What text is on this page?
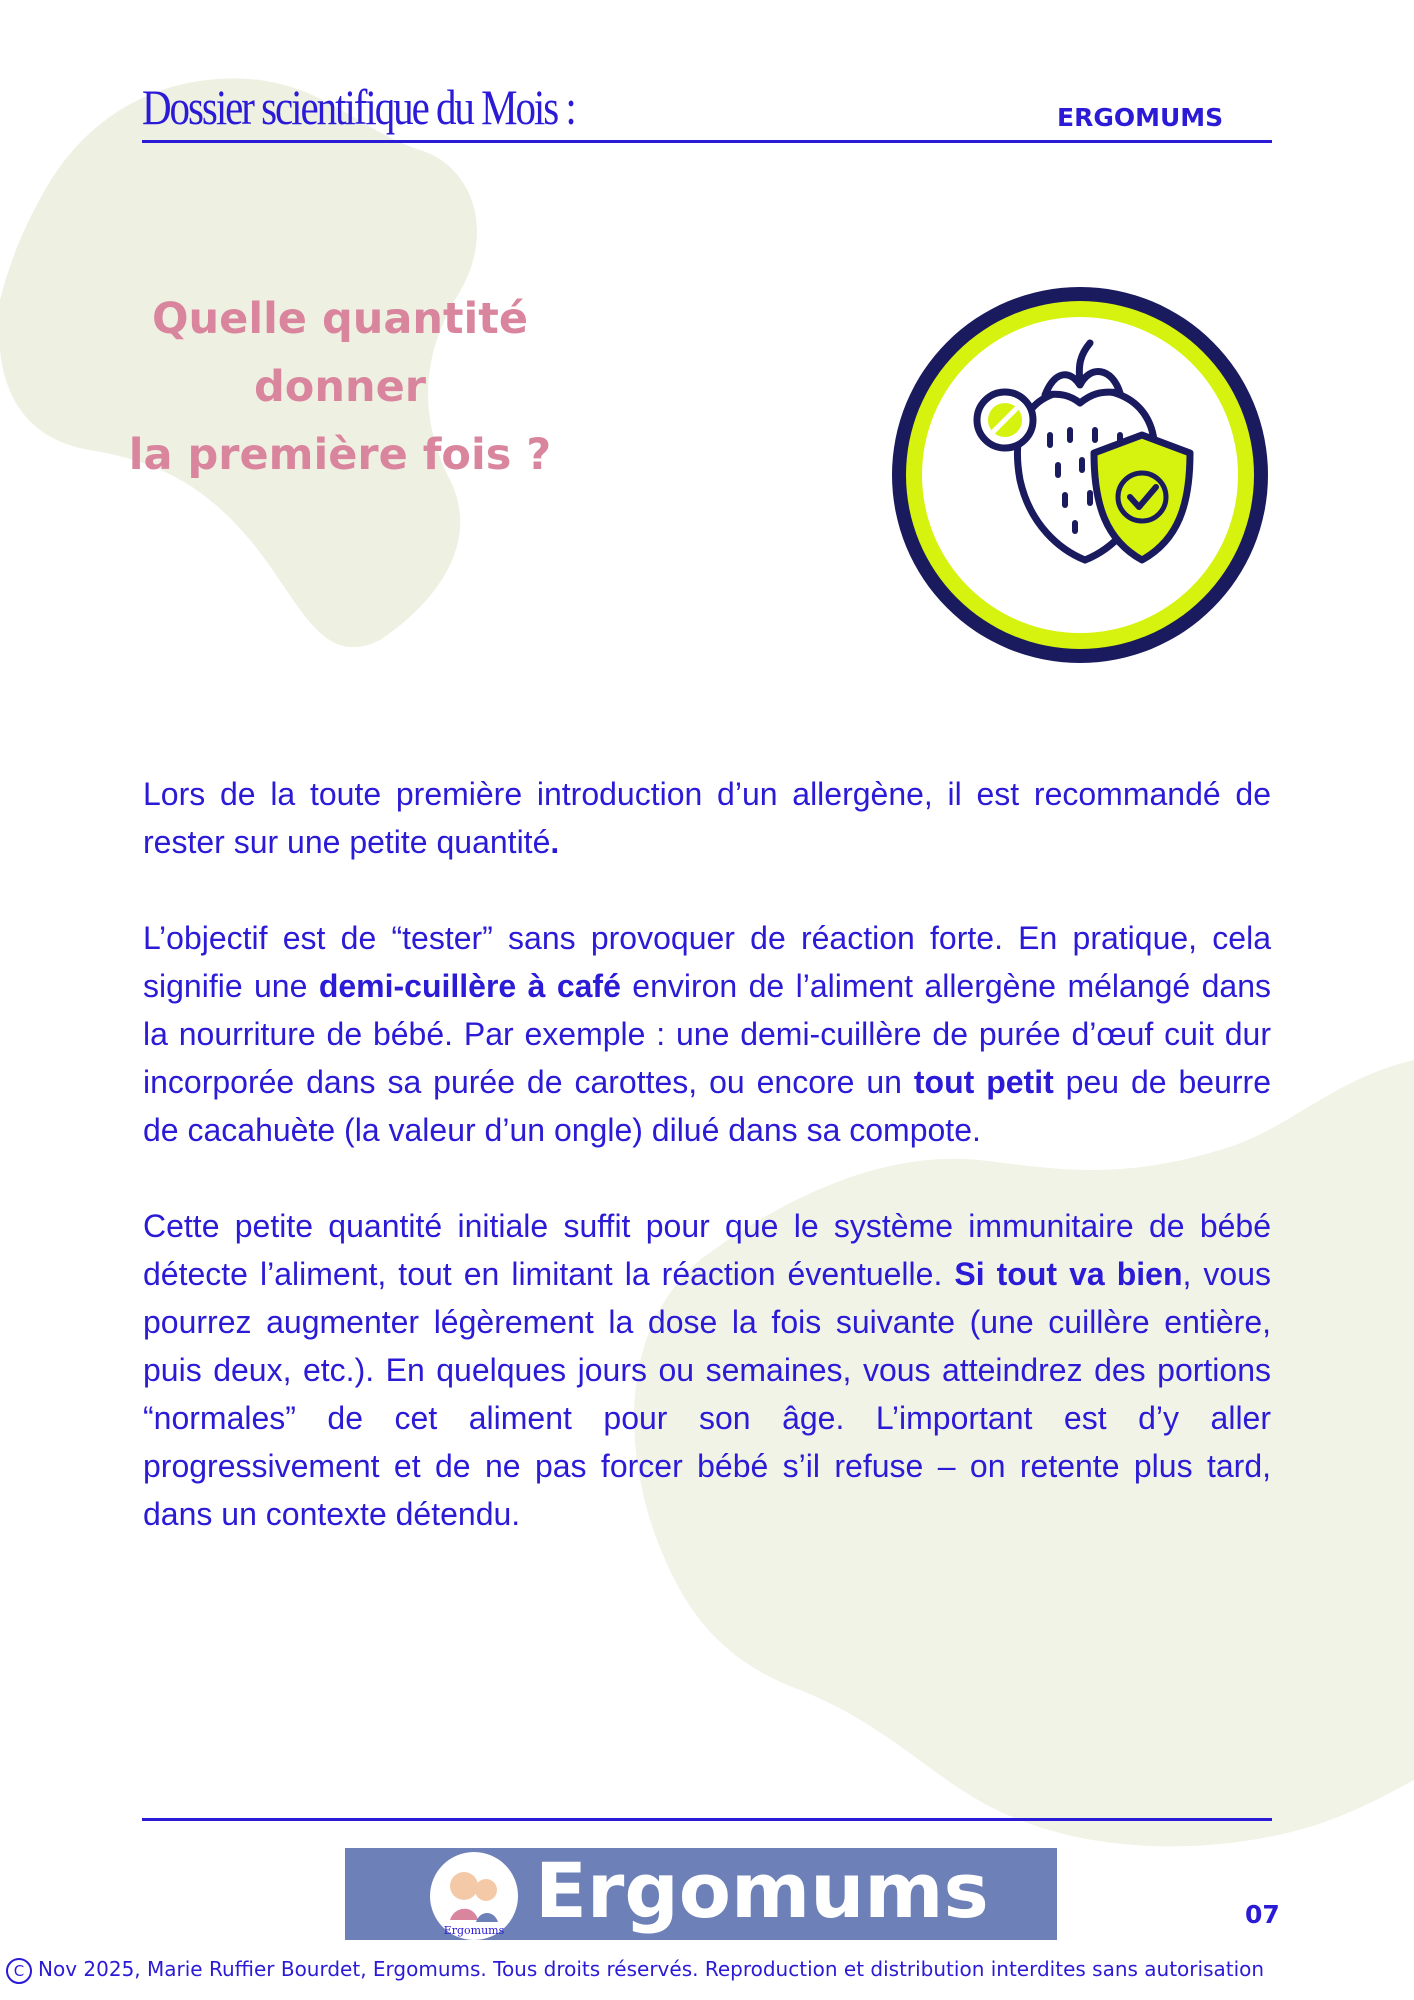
Dossier scientifique du Mois :	ERGOMUMS
Quelle quantité donner
la première fois ?

Lors de la toute première introduction d’un allergène, il est recommandé de rester sur une petite quantité.

L’objectif est de “tester” sans provoquer de réaction forte. En pratique, cela signifie une demi-cuillère à café environ de l’aliment allergène mélangé dans la nourriture de bébé. Par exemple : une demi-cuillère de purée d’œuf cuit dur incorporée dans sa purée de carottes, ou encore un tout petit peu de beurre de cacahuète (la valeur d’un ongle) dilué dans sa compote.

Cette petite quantité initiale suffit pour que le système immunitaire de bébé détecte l’aliment, tout en limitant la réaction éventuelle. Si tout va bien, vous pourrez augmenter légèrement la dose la fois suivante (une cuillère entière, puis deux, etc.). En quelques jours ou semaines, vous atteindrez des portions “normales” de cet aliment pour son âge. L’important est d’y aller progressivement et de ne pas forcer bébé s’il refuse – on retente plus tard, dans un contexte détendu.

Ergomums Ergomums	07
C Nov 2025, Marie Ruffier Bourdet, Ergomums. Tous droits réservés. Reproduction et distribution interdites sans autorisation
